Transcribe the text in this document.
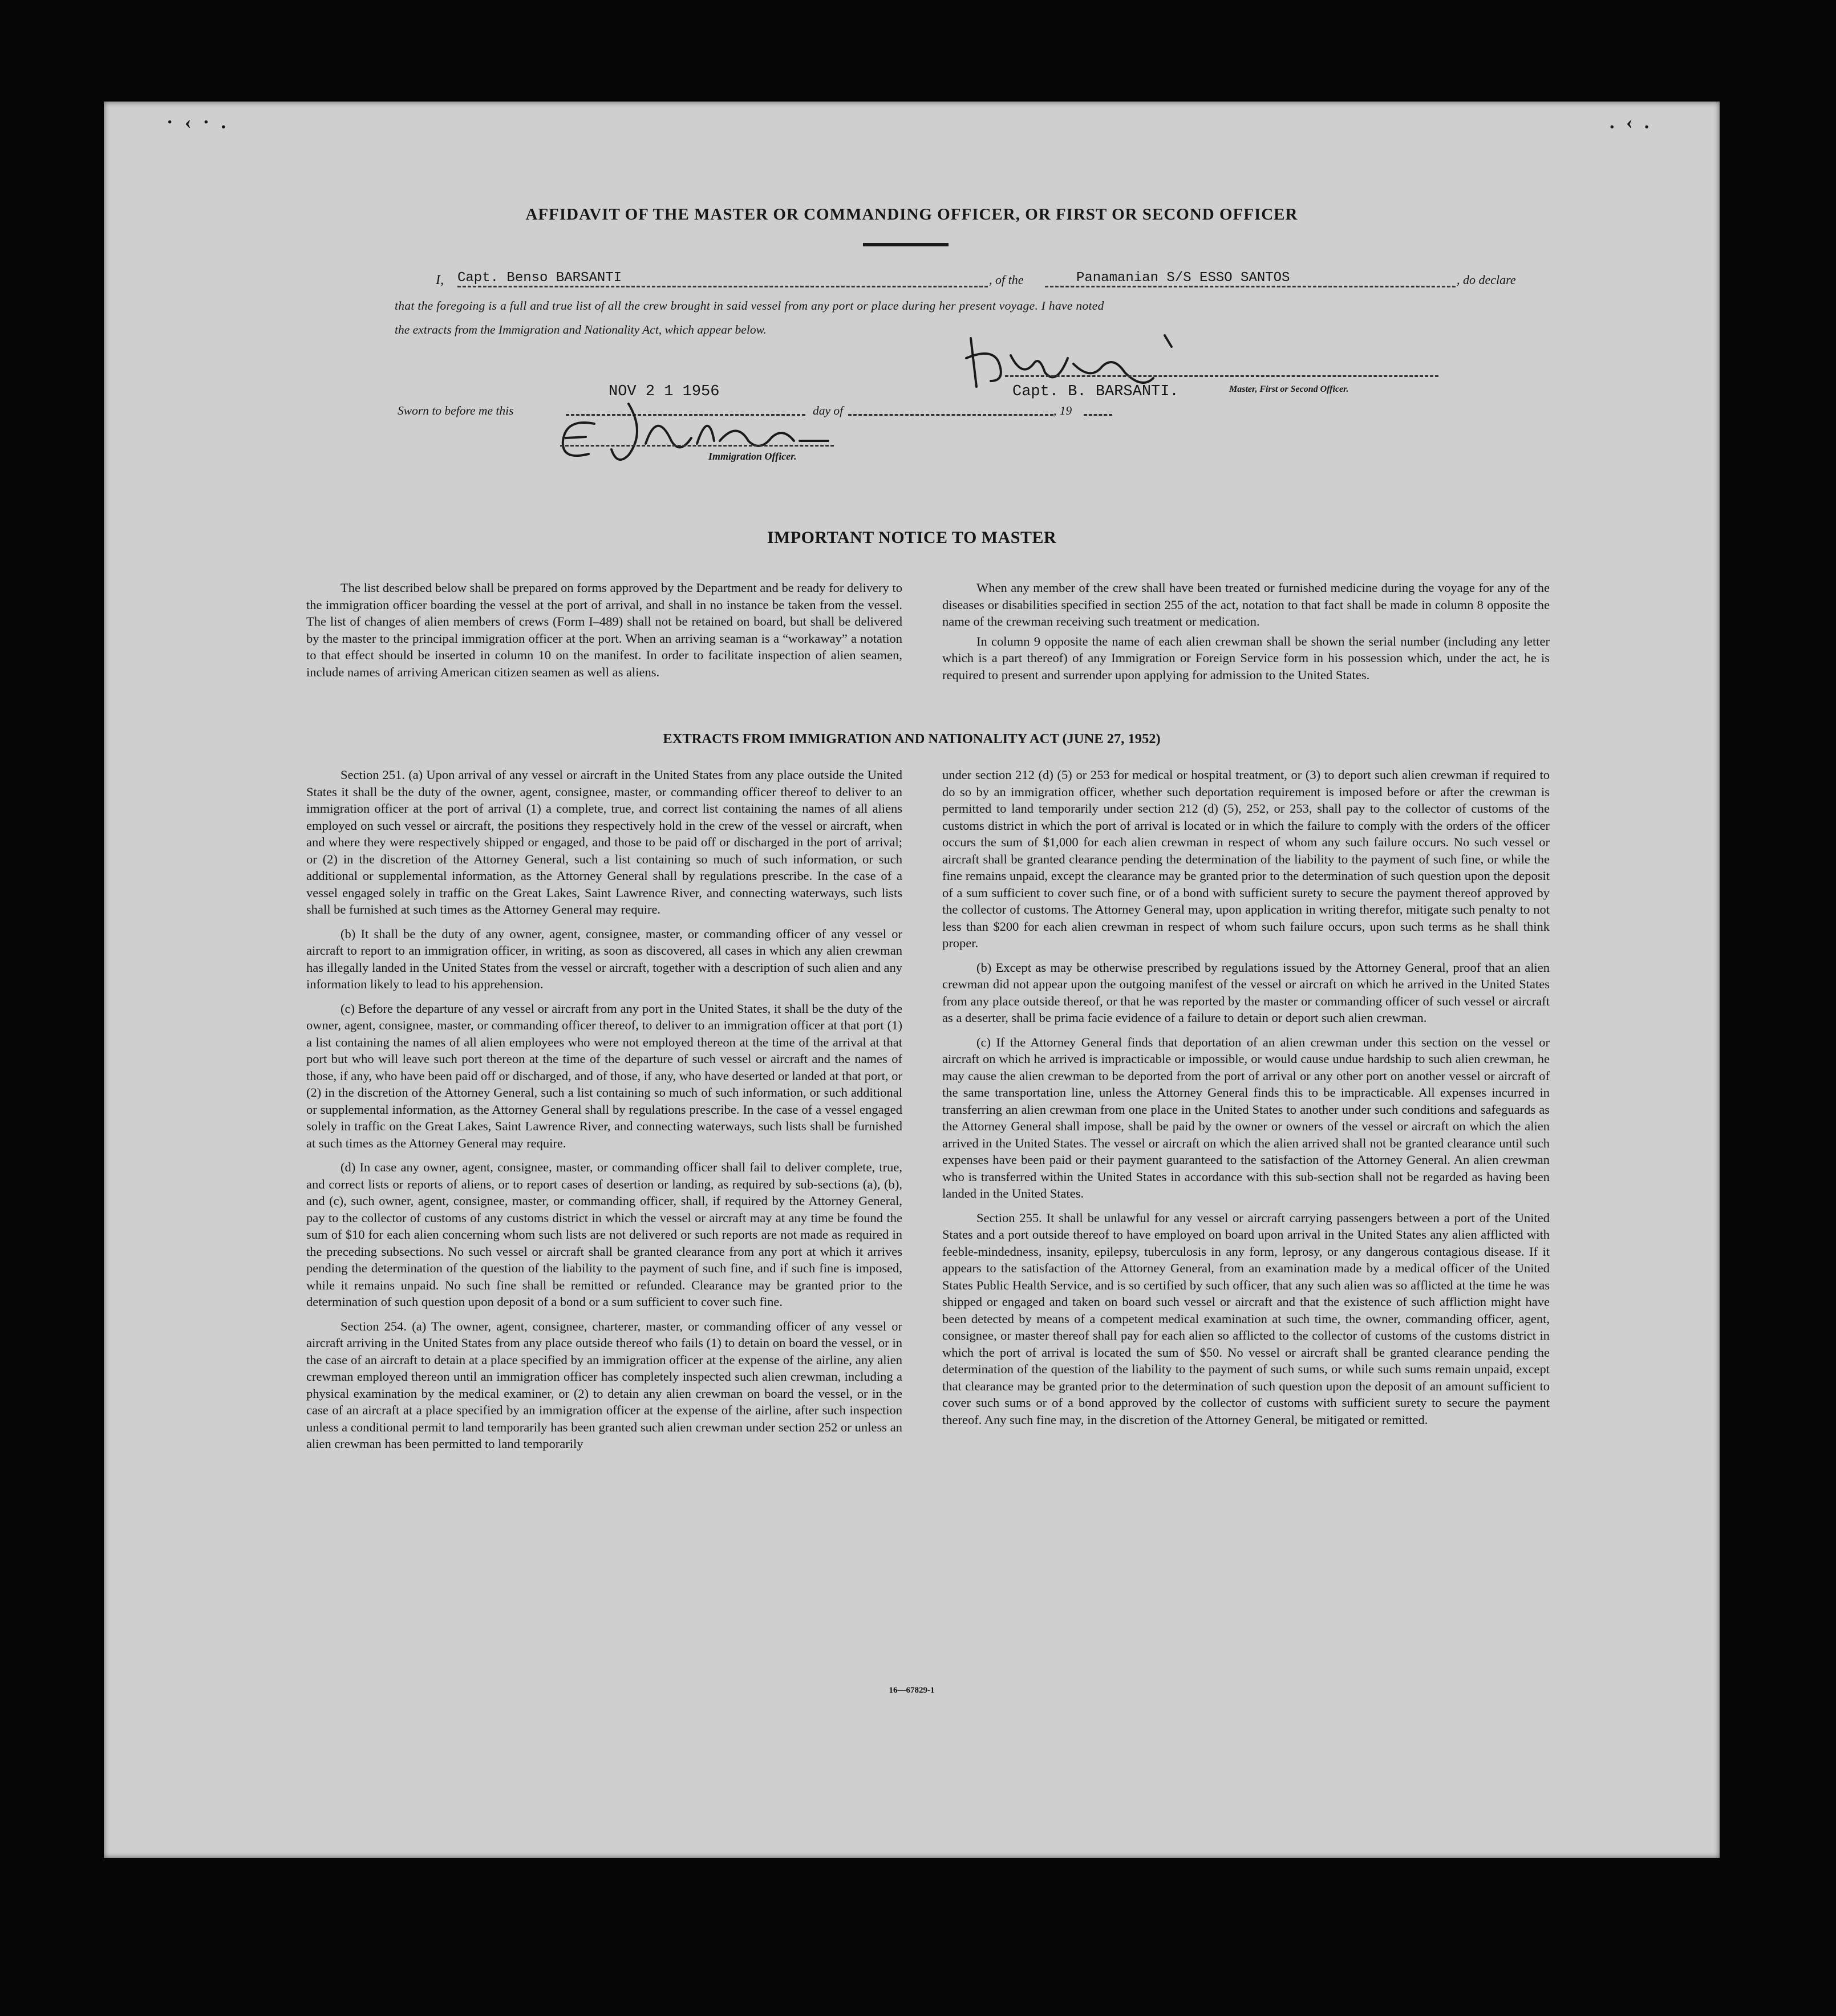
· ‹ · .	. ‹ .
AFFIDAVIT OF THE MASTER OR COMMANDING OFFICER, OR FIRST OR SECOND OFFICER
I, Capt. Benso BARSANTI	, of the	Panamanian S/S ESSO SANTOS	, do declare
that the foregoing is a full and true list of all the crew brought in said vessel from any port or place during her present voyage. I have noted
the extracts from the Immigration and Nationality Act, which appear below.
Capt. B. BARSANTI.	Master, First or Second Officer.
NOV 2 1 1956
Sworn to before me this	day of	, 19
Immigration Officer.
IMPORTANT NOTICE TO MASTER

The list described below shall be prepared on forms approved by the Department and be ready for delivery to the immigration officer boarding the vessel at the port of arrival, and shall in no instance be taken from the vessel. The list of changes of alien members of crews (Form I–489) shall not be retained on board, but shall be delivered by the master to the principal immigration officer at the port. When an arriving seaman is a “workaway” a notation to that effect should be inserted in column 10 on the manifest. In order to facilitate inspection of alien seamen, include names of arriving American citizen seamen as well as aliens.

When any member of the crew shall have been treated or furnished medicine during the voyage for any of the diseases or disabilities specified in section 255 of the act, notation to that fact shall be made in column 8 opposite the name of the crewman receiving such treatment or medication.

In column 9 opposite the name of each alien crewman shall be shown the serial number (including any letter which is a part thereof) of any Immigration or Foreign Service form in his possession which, under the act, he is required to present and surrender upon applying for admission to the United States.

EXTRACTS FROM IMMIGRATION AND NATIONALITY ACT (JUNE 27, 1952)

Section 251. (a) Upon arrival of any vessel or aircraft in the United States from any place outside the United States it shall be the duty of the owner, agent, consignee, master, or commanding officer thereof to deliver to an immigration officer at the port of arrival (1) a complete, true, and correct list containing the names of all aliens employed on such vessel or aircraft, the positions they respectively hold in the crew of the vessel or aircraft, when and where they were respectively shipped or engaged, and those to be paid off or discharged in the port of arrival; or (2) in the discretion of the Attorney General, such a list containing so much of such information, or such additional or supplemental information, as the Attorney General shall by regulations prescribe. In the case of a vessel engaged solely in traffic on the Great Lakes, Saint Lawrence River, and connecting waterways, such lists shall be furnished at such times as the Attorney General may require.

(b) It shall be the duty of any owner, agent, consignee, master, or commanding officer of any vessel or aircraft to report to an immigration officer, in writing, as soon as discovered, all cases in which any alien crewman has illegally landed in the United States from the vessel or aircraft, together with a description of such alien and any information likely to lead to his apprehension.

(c) Before the departure of any vessel or aircraft from any port in the United States, it shall be the duty of the owner, agent, consignee, master, or commanding officer thereof, to deliver to an immigration officer at that port (1) a list containing the names of all alien employees who were not employed thereon at the time of the arrival at that port but who will leave such port thereon at the time of the departure of such vessel or aircraft and the names of those, if any, who have been paid off or discharged, and of those, if any, who have deserted or landed at that port, or (2) in the discretion of the Attorney General, such a list containing so much of such information, or such additional or supplemental information, as the Attorney General shall by regulations prescribe. In the case of a vessel engaged solely in traffic on the Great Lakes, Saint Lawrence River, and connecting waterways, such lists shall be furnished at such times as the Attorney General may require.

(d) In case any owner, agent, consignee, master, or commanding officer shall fail to deliver complete, true, and correct lists or reports of aliens, or to report cases of desertion or landing, as required by sub-sections (a), (b), and (c), such owner, agent, consignee, master, or commanding officer, shall, if required by the Attorney General, pay to the collector of customs of any customs district in which the vessel or aircraft may at any time be found the sum of $10 for each alien concerning whom such lists are not delivered or such reports are not made as required in the preceding subsections. No such vessel or aircraft shall be granted clearance from any port at which it arrives pending the determination of the question of the liability to the payment of such fine, and if such fine is imposed, while it remains unpaid. No such fine shall be remitted or refunded. Clearance may be granted prior to the determination of such question upon deposit of a bond or a sum sufficient to cover such fine.

Section 254. (a) The owner, agent, consignee, charterer, master, or commanding officer of any vessel or aircraft arriving in the United States from any place outside thereof who fails (1) to detain on board the vessel, or in the case of an aircraft to detain at a place specified by an immigration officer at the expense of the airline, any alien crewman employed thereon until an immigration officer has completely inspected such alien crewman, including a physical examination by the medical examiner, or (2) to detain any alien crewman on board the vessel, or in the case of an aircraft at a place specified by an immigration officer at the expense of the airline, after such inspection unless a conditional permit to land temporarily has been granted such alien crewman under section 252 or unless an alien crewman has been permitted to land temporarily

under section 212 (d) (5) or 253 for medical or hospital treatment, or (3) to deport such alien crewman if required to do so by an immigration officer, whether such deportation requirement is imposed before or after the crewman is permitted to land temporarily under section 212 (d) (5), 252, or 253, shall pay to the collector of customs of the customs district in which the port of arrival is located or in which the failure to comply with the orders of the officer occurs the sum of $1,000 for each alien crewman in respect of whom any such failure occurs. No such vessel or aircraft shall be granted clearance pending the determination of the liability to the payment of such fine, or while the fine remains unpaid, except the clearance may be granted prior to the determination of such question upon the deposit of a sum sufficient to cover such fine, or of a bond with sufficient surety to secure the payment thereof approved by the collector of customs. The Attorney General may, upon application in writing therefor, mitigate such penalty to not less than $200 for each alien crewman in respect of whom such failure occurs, upon such terms as he shall think proper.

(b) Except as may be otherwise prescribed by regulations issued by the Attorney General, proof that an alien crewman did not appear upon the outgoing manifest of the vessel or aircraft on which he arrived in the United States from any place outside thereof, or that he was reported by the master or commanding officer of such vessel or aircraft as a deserter, shall be prima facie evidence of a failure to detain or deport such alien crewman.

(c) If the Attorney General finds that deportation of an alien crewman under this section on the vessel or aircraft on which he arrived is impracticable or impossible, or would cause undue hardship to such alien crewman, he may cause the alien crewman to be deported from the port of arrival or any other port on another vessel or aircraft of the same transportation line, unless the Attorney General finds this to be impracticable. All expenses incurred in transferring an alien crewman from one place in the United States to another under such conditions and safeguards as the Attorney General shall impose, shall be paid by the owner or owners of the vessel or aircraft on which the alien arrived in the United States. The vessel or aircraft on which the alien arrived shall not be granted clearance until such expenses have been paid or their payment guaranteed to the satisfaction of the Attorney General. An alien crewman who is transferred within the United States in accordance with this sub-section shall not be regarded as having been landed in the United States.

Section 255. It shall be unlawful for any vessel or aircraft carrying passengers between a port of the United States and a port outside thereof to have employed on board upon arrival in the United States any alien afflicted with feeble-mindedness, insanity, epilepsy, tuberculosis in any form, leprosy, or any dangerous contagious disease. If it appears to the satisfaction of the Attorney General, from an examination made by a medical officer of the United States Public Health Service, and is so certified by such officer, that any such alien was so afflicted at the time he was shipped or engaged and taken on board such vessel or aircraft and that the existence of such affliction might have been detected by means of a competent medical examination at such time, the owner, commanding officer, agent, consignee, or master thereof shall pay for each alien so afflicted to the collector of customs of the customs district in which the port of arrival is located the sum of $50. No vessel or aircraft shall be granted clearance pending the determination of the question of the liability to the payment of such sums, or while such sums remain unpaid, except that clearance may be granted prior to the determination of such question upon the deposit of an amount sufficient to cover such sums or of a bond approved by the collector of customs with sufficient surety to secure the payment thereof. Any such fine may, in the discretion of the Attorney General, be mitigated or remitted.

16—67829-1
